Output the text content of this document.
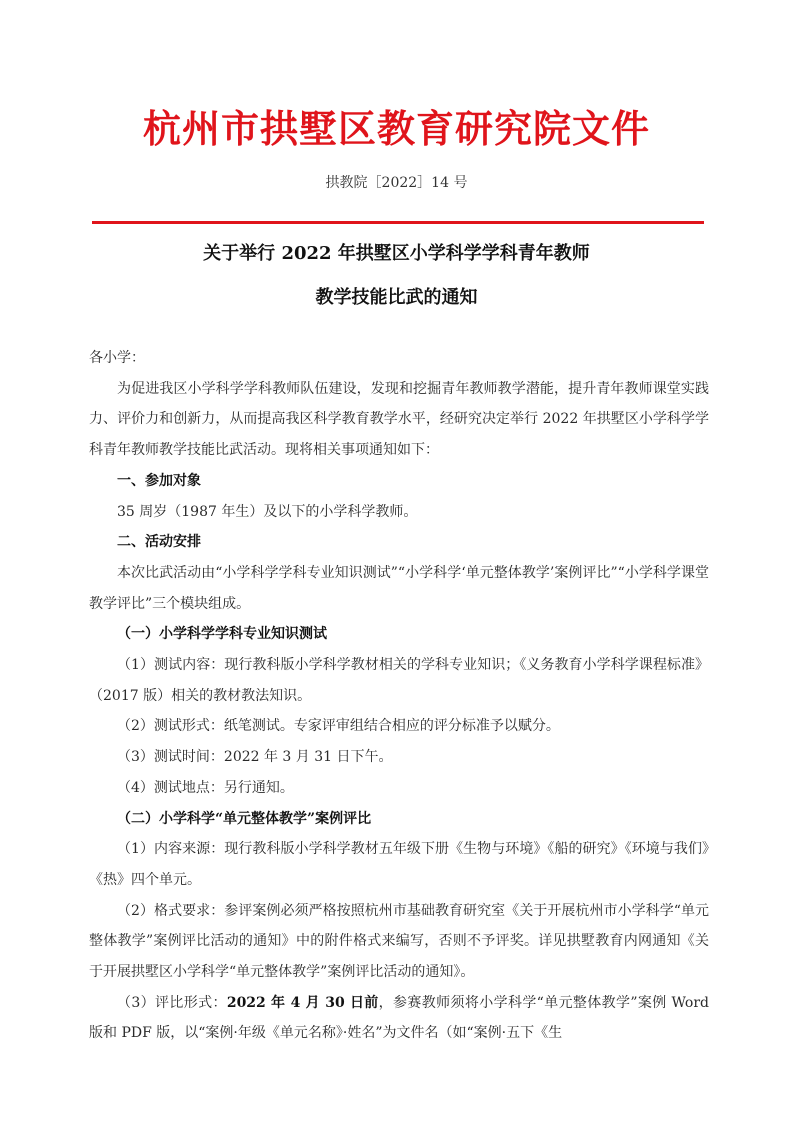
杭州市拱墅区教育研究院文件
拱教院［2022］14 号
关于举行 2022 年拱墅区小学科学学科青年教师
教学技能比武的通知

各小学：

为促进我区小学科学学科教师队伍建设，发现和挖掘青年教师教学潜能，提升青年教师课堂实践力、评价力和创新力，从而提高我区科学教育教学水平，经研究决定举行 2022 年拱墅区小学科学学科青年教师教学技能比武活动。现将相关事项通知如下：

一、参加对象

35 周岁（1987 年生）及以下的小学科学教师。

二、活动安排

本次比武活动由“小学科学学科专业知识测试”“小学科学‘单元整体教学’案例评比”“小学科学课堂教学评比”三个模块组成。

（一）小学科学学科专业知识测试

（1）测试内容：现行教科版小学科学教材相关的学科专业知识；《义务教育小学科学课程标准》（2017 版）相关的教材教法知识。

（2）测试形式：纸笔测试。专家评审组结合相应的评分标准予以赋分。

（3）测试时间：2022 年 3 月 31 日下午。

（4）测试地点：另行通知。

（二）小学科学“单元整体教学”案例评比

（1）内容来源：现行教科版小学科学教材五年级下册《生物与环境》《船的研究》《环境与我们》《热》四个单元。

（2）格式要求：参评案例必须严格按照杭州市基础教育研究室《关于开展杭州市小学科学“单元整体教学”案例评比活动的通知》中的附件格式来编写，否则不予评奖。详见拱墅教育内网通知《关于开展拱墅区小学科学“单元整体教学”案例评比活动的通知》。

（3）评比形式：2022 年 4 月 30 日前，参赛教师须将小学科学“单元整体教学”案例 Word 版和 PDF 版，以“案例·年级《单元名称》·姓名”为文件名（如“案例·五下《生
